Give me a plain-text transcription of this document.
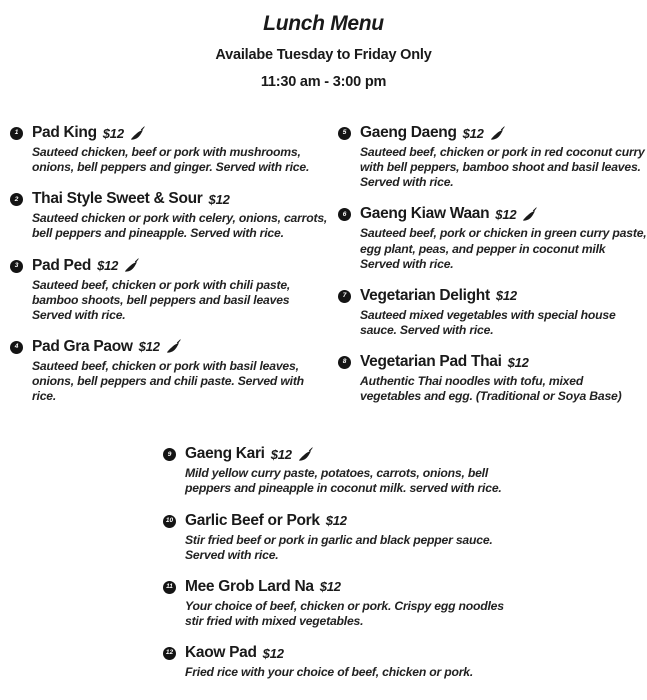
Lunch Menu
Availabe Tuesday to Friday Only
11:30 am - 3:00 pm
1 Pad King $12

Sauteed chicken, beef or pork with mushrooms, onions, bell peppers and ginger. Served with rice.

2 Thai Style Sweet & Sour $12

Sauteed chicken or pork with celery, onions, carrots, bell peppers and pineapple. Served with rice.

3 Pad Ped $12

Sauteed beef, chicken or pork with chili paste, bamboo shoots, bell peppers and basil leaves Served with rice.

4 Pad Gra Paow $12

Sauteed beef, chicken or pork with basil leaves, onions, bell peppers and chili paste. Served with rice.

5 Gaeng Daeng $12

Sauteed beef, chicken or pork in red coconut curry with bell peppers, bamboo shoot and basil leaves. Served with rice.

6 Gaeng Kiaw Waan $12

Sauteed beef, pork or chicken in green curry paste, egg plant, peas, and pepper in coconut milk Served with rice.

7 Vegetarian Delight $12

Sauteed mixed vegetables with special house sauce. Served with rice.

8 Vegetarian Pad Thai $12

Authentic Thai noodles with tofu, mixed vegetables and egg. (Traditional or Soya Base)

9 Gaeng Kari $12

Mild yellow curry paste, potatoes, carrots, onions, bell peppers and pineapple in coconut milk. served with rice.

10 Garlic Beef or Pork $12

Stir fried beef or pork in garlic and black pepper sauce. Served with rice.

11 Mee Grob Lard Na $12

Your choice of beef, chicken or pork. Crispy egg noodles stir fried with mixed vegetables.

12 Kaow Pad $12

Fried rice with your choice of beef, chicken or pork.
